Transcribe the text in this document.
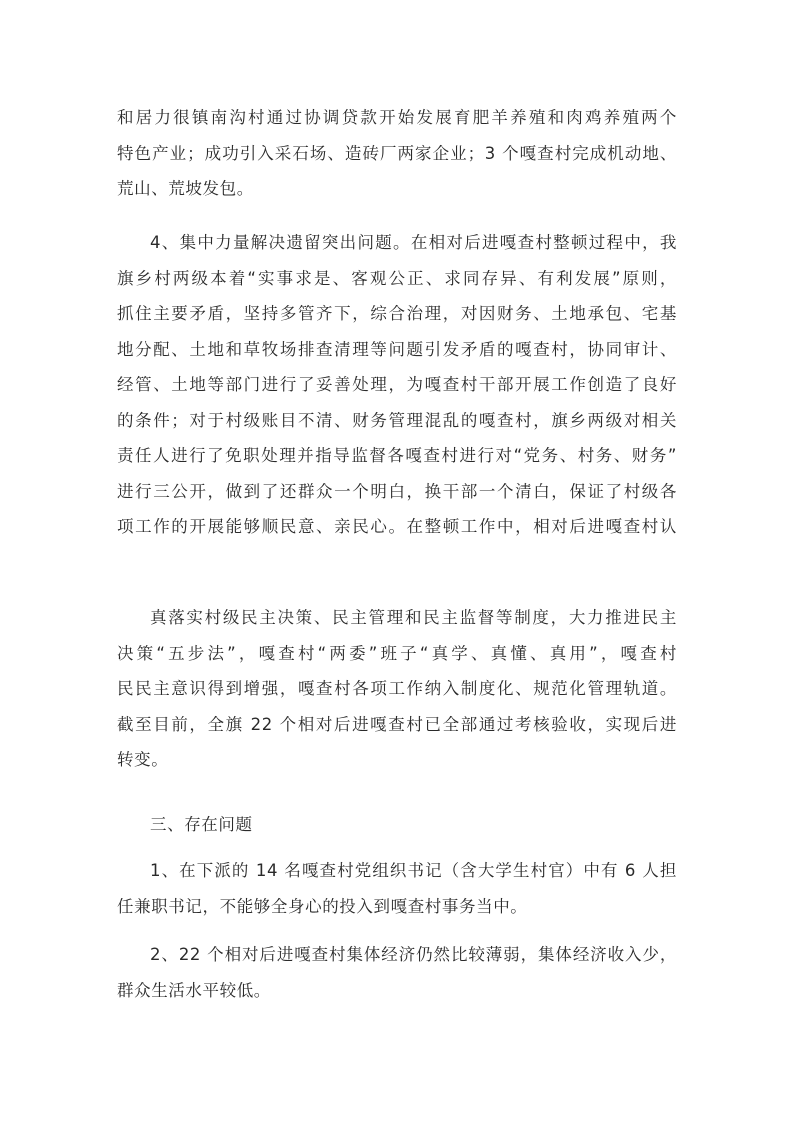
和居力很镇南沟村通过协调贷款开始发展育肥羊养殖和肉鸡养殖两个
特色产业；成功引入采石场、造砖厂两家企业；3 个嘎查村完成机动地、
荒山、荒坡发包。
4、集中力量解决遗留突出问题。在相对后进嘎查村整顿过程中，我
旗乡村两级本着“实事求是、客观公正、求同存异、有利发展”原则，
抓住主要矛盾，坚持多管齐下，综合治理，对因财务、土地承包、宅基
地分配、土地和草牧场排查清理等问题引发矛盾的嘎查村，协同审计、
经管、土地等部门进行了妥善处理，为嘎查村干部开展工作创造了良好
的条件；对于村级账目不清、财务管理混乱的嘎查村，旗乡两级对相关
责任人进行了免职处理并指导监督各嘎查村进行对“党务、村务、财务”
进行三公开，做到了还群众一个明白，换干部一个清白，保证了村级各
项工作的开展能够顺民意、亲民心。在整顿工作中，相对后进嘎查村认
真落实村级民主决策、民主管理和民主监督等制度，大力推进民主
决策“五步法”，嘎查村“两委”班子“真学、真懂、真用”，嘎查村
民民主意识得到增强，嘎查村各项工作纳入制度化、规范化管理轨道。
截至目前，全旗 22 个相对后进嘎查村已全部通过考核验收，实现后进
转变。
三、存在问题
1、在下派的 14 名嘎查村党组织书记（含大学生村官）中有 6 人担
任兼职书记，不能够全身心的投入到嘎查村事务当中。
2、22 个相对后进嘎查村集体经济仍然比较薄弱，集体经济收入少，
群众生活水平较低。
